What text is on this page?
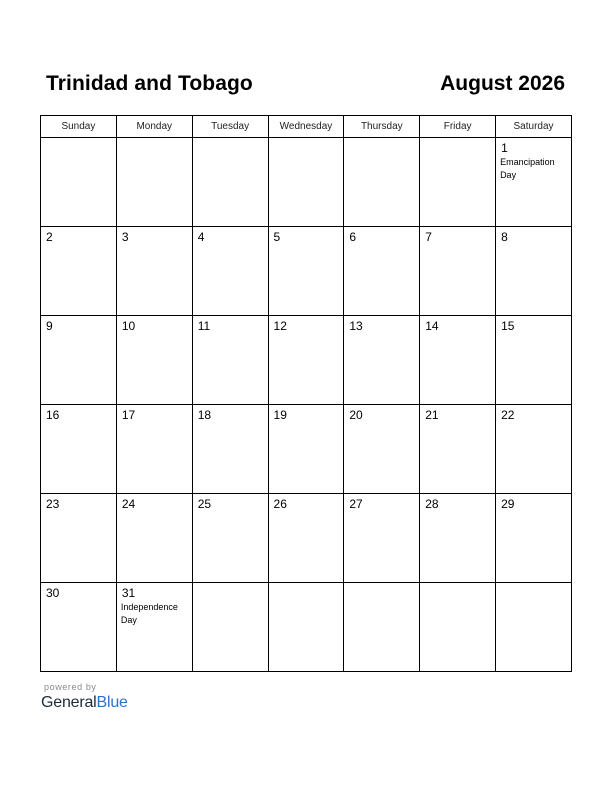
Trinidad and Tobago	August 2026
Sunday	Monday	Tuesday	Wednesday	Thursday	Friday	Saturday

						1
Emancipation Day

2	3	4	5	6	7	8

9	10	11	12	13	14	15

16	17	18	19	20	21	22

23	24	25	26	27	28	29

30	31
Independence Day					

powered by
GeneralBlue
